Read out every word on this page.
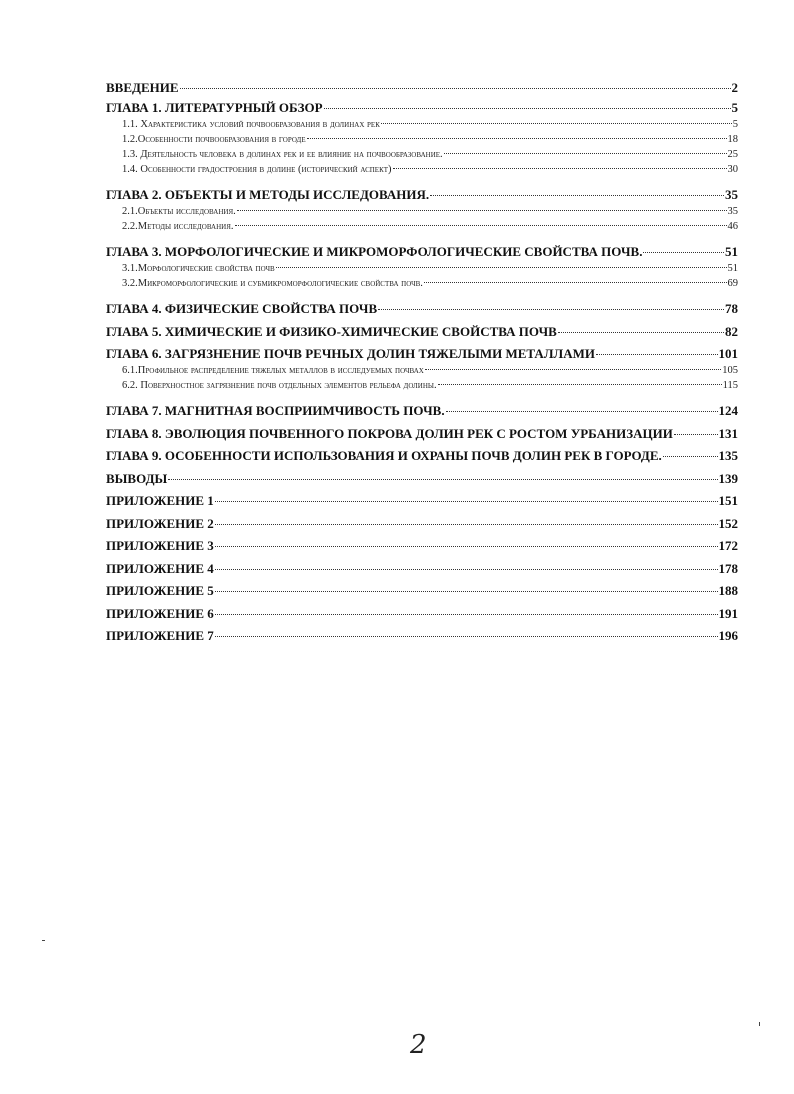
ВВЕДЕНИЕ	2
ГЛАВА 1. ЛИТЕРАТУРНЫЙ ОБЗОР	5
1.1. Характеристика условий почвообразования в долинах рек	5
1.2.Особенности почвообразования в городе	18
1.3. Деятельность человека в долинах рек и ее влияние на почвообразование.	25
1.4. Особенности градостроения в долине (исторический аспект)	30
ГЛАВА 2. ОБЪЕКТЫ И МЕТОДЫ ИССЛЕДОВАНИЯ.	35
2.1.Объекты исследования.	35
2.2.Методы исследования.	46
ГЛАВА 3. МОРФОЛОГИЧЕСКИЕ И МИКРОМОРФОЛОГИЧЕСКИЕ СВОЙСТВА ПОЧВ.	51
3.1.Морфологические свойства почв	51
3.2.Микроморфологические и субмикроморфологические свойства почв.	69
ГЛАВА 4. ФИЗИЧЕСКИЕ СВОЙСТВА ПОЧВ	78
ГЛАВА 5. ХИМИЧЕСКИЕ И ФИЗИКО-ХИМИЧЕСКИЕ СВОЙСТВА ПОЧВ	82
ГЛАВА 6. ЗАГРЯЗНЕНИЕ ПОЧВ РЕЧНЫХ ДОЛИН ТЯЖЕЛЫМИ МЕТАЛЛАМИ	101
6.1.Профильное распределение тяжелых металлов в исследуемых почвах	105
6.2. Поверхностное загрязнение почв отдельных элементов рельефа долины.	115
ГЛАВА 7. МАГНИТНАЯ ВОСПРИИМЧИВОСТЬ ПОЧВ.	124
ГЛАВА 8. ЭВОЛЮЦИЯ ПОЧВЕННОГО ПОКРОВА ДОЛИН РЕК С РОСТОМ УРБАНИЗАЦИИ	131
ГЛАВА 9. ОСОБЕННОСТИ ИСПОЛЬЗОВАНИЯ И ОХРАНЫ ПОЧВ ДОЛИН РЕК В ГОРОДЕ.	135
ВЫВОДЫ	139
ПРИЛОЖЕНИЕ 1	151
ПРИЛОЖЕНИЕ 2	152
ПРИЛОЖЕНИЕ 3	172
ПРИЛОЖЕНИЕ 4	178
ПРИЛОЖЕНИЕ 5	188
ПРИЛОЖЕНИЕ 6	191
ПРИЛОЖЕНИЕ 7	196
2
